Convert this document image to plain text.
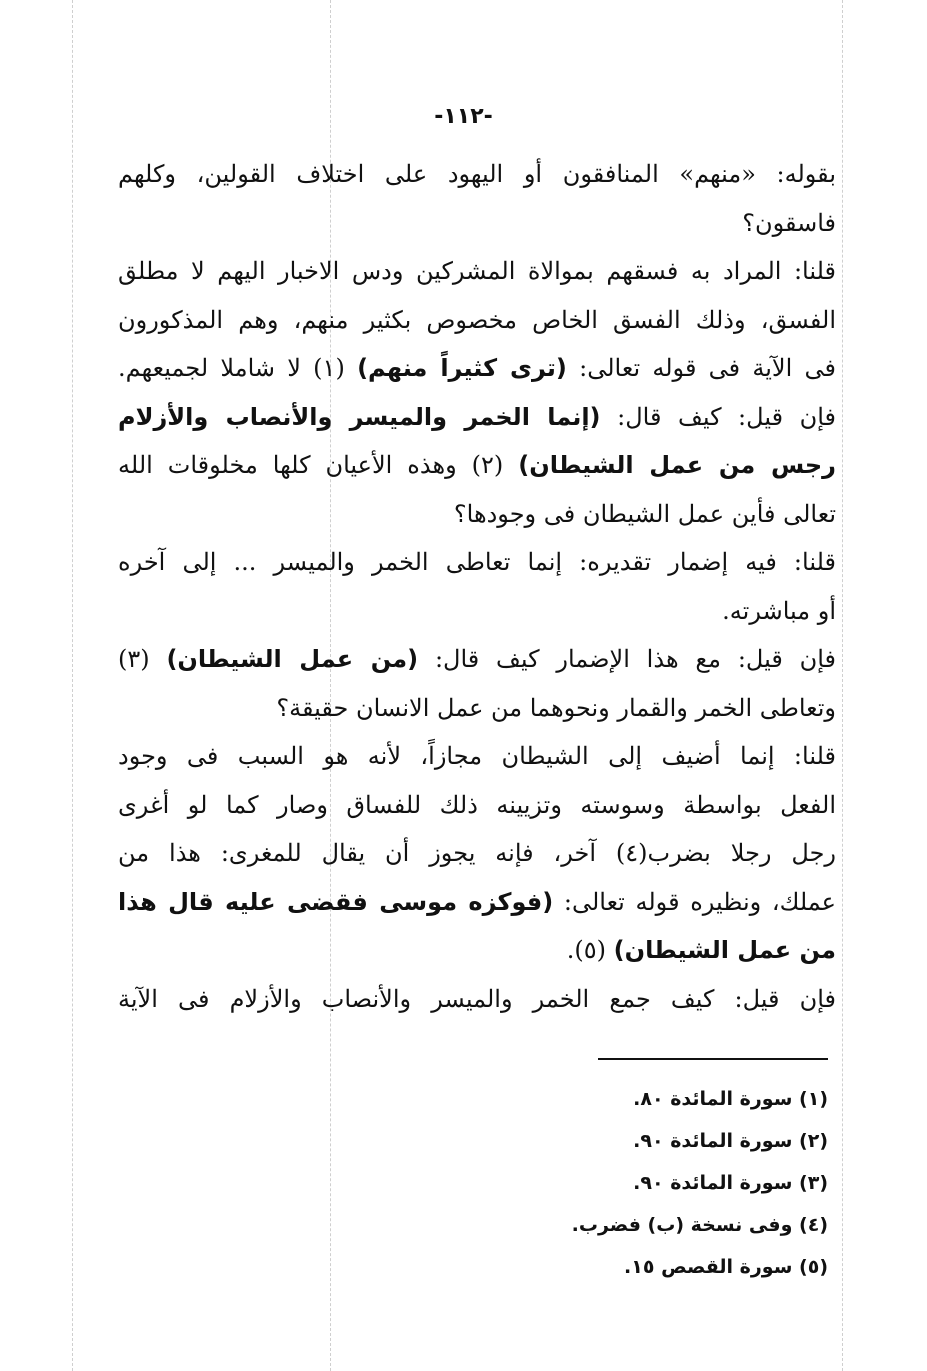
-١١٢-
بقوله: «منهم» المنافقون أو اليهود على اختلاف القولين، وكلهم
فاسقون؟
قلنا: المراد به فسقهم بموالاة المشركين ودس الاخبار اليهم لا مطلق
الفسق، وذلك الفسق الخاص مخصوص بكثير منهم، وهم المذكورون
فى الآية فى قوله تعالى: (ترى كثيراً منهم) (١) لا شاملا لجميعهم.
فإن قيل: كيف قال: (إنما الخمر والميسر والأنصاب والأزلام
رجس من عمل الشيطان) (٢) وهذه الأعيان كلها مخلوقات الله
تعالى فأين عمل الشيطان فى وجودها؟
قلنا: فيه إضمار تقديره: إنما تعاطى الخمر والميسر ... إلى آخره
أو مباشرته.
فإن قيل: مع هذا الإضمار كيف قال: (من عمل الشيطان) (٣)
وتعاطى الخمر والقمار ونحوهما من عمل الانسان حقيقة؟
قلنا: إنما أضيف إلى الشيطان مجازاً، لأنه هو السبب فى وجود
الفعل بواسطة وسوسته وتزيينه ذلك للفساق وصار كما لو أغرى
رجل رجلا بضرب(٤) آخر، فإنه يجوز أن يقال للمغرى: هذا من
عملك، ونظيره قوله تعالى: (فوكزه موسى فقضى عليه قال هذا
من عمل الشيطان) (٥).
فإن قيل: كيف جمع الخمر والميسر والأنصاب والأزلام فى الآية
(١) سورة المائدة ٨٠.
(٢) سورة المائدة ٩٠.
(٣) سورة المائدة ٩٠.
(٤) وفى نسخة (ب) فضرب.
(٥) سورة القصص ١٥.
